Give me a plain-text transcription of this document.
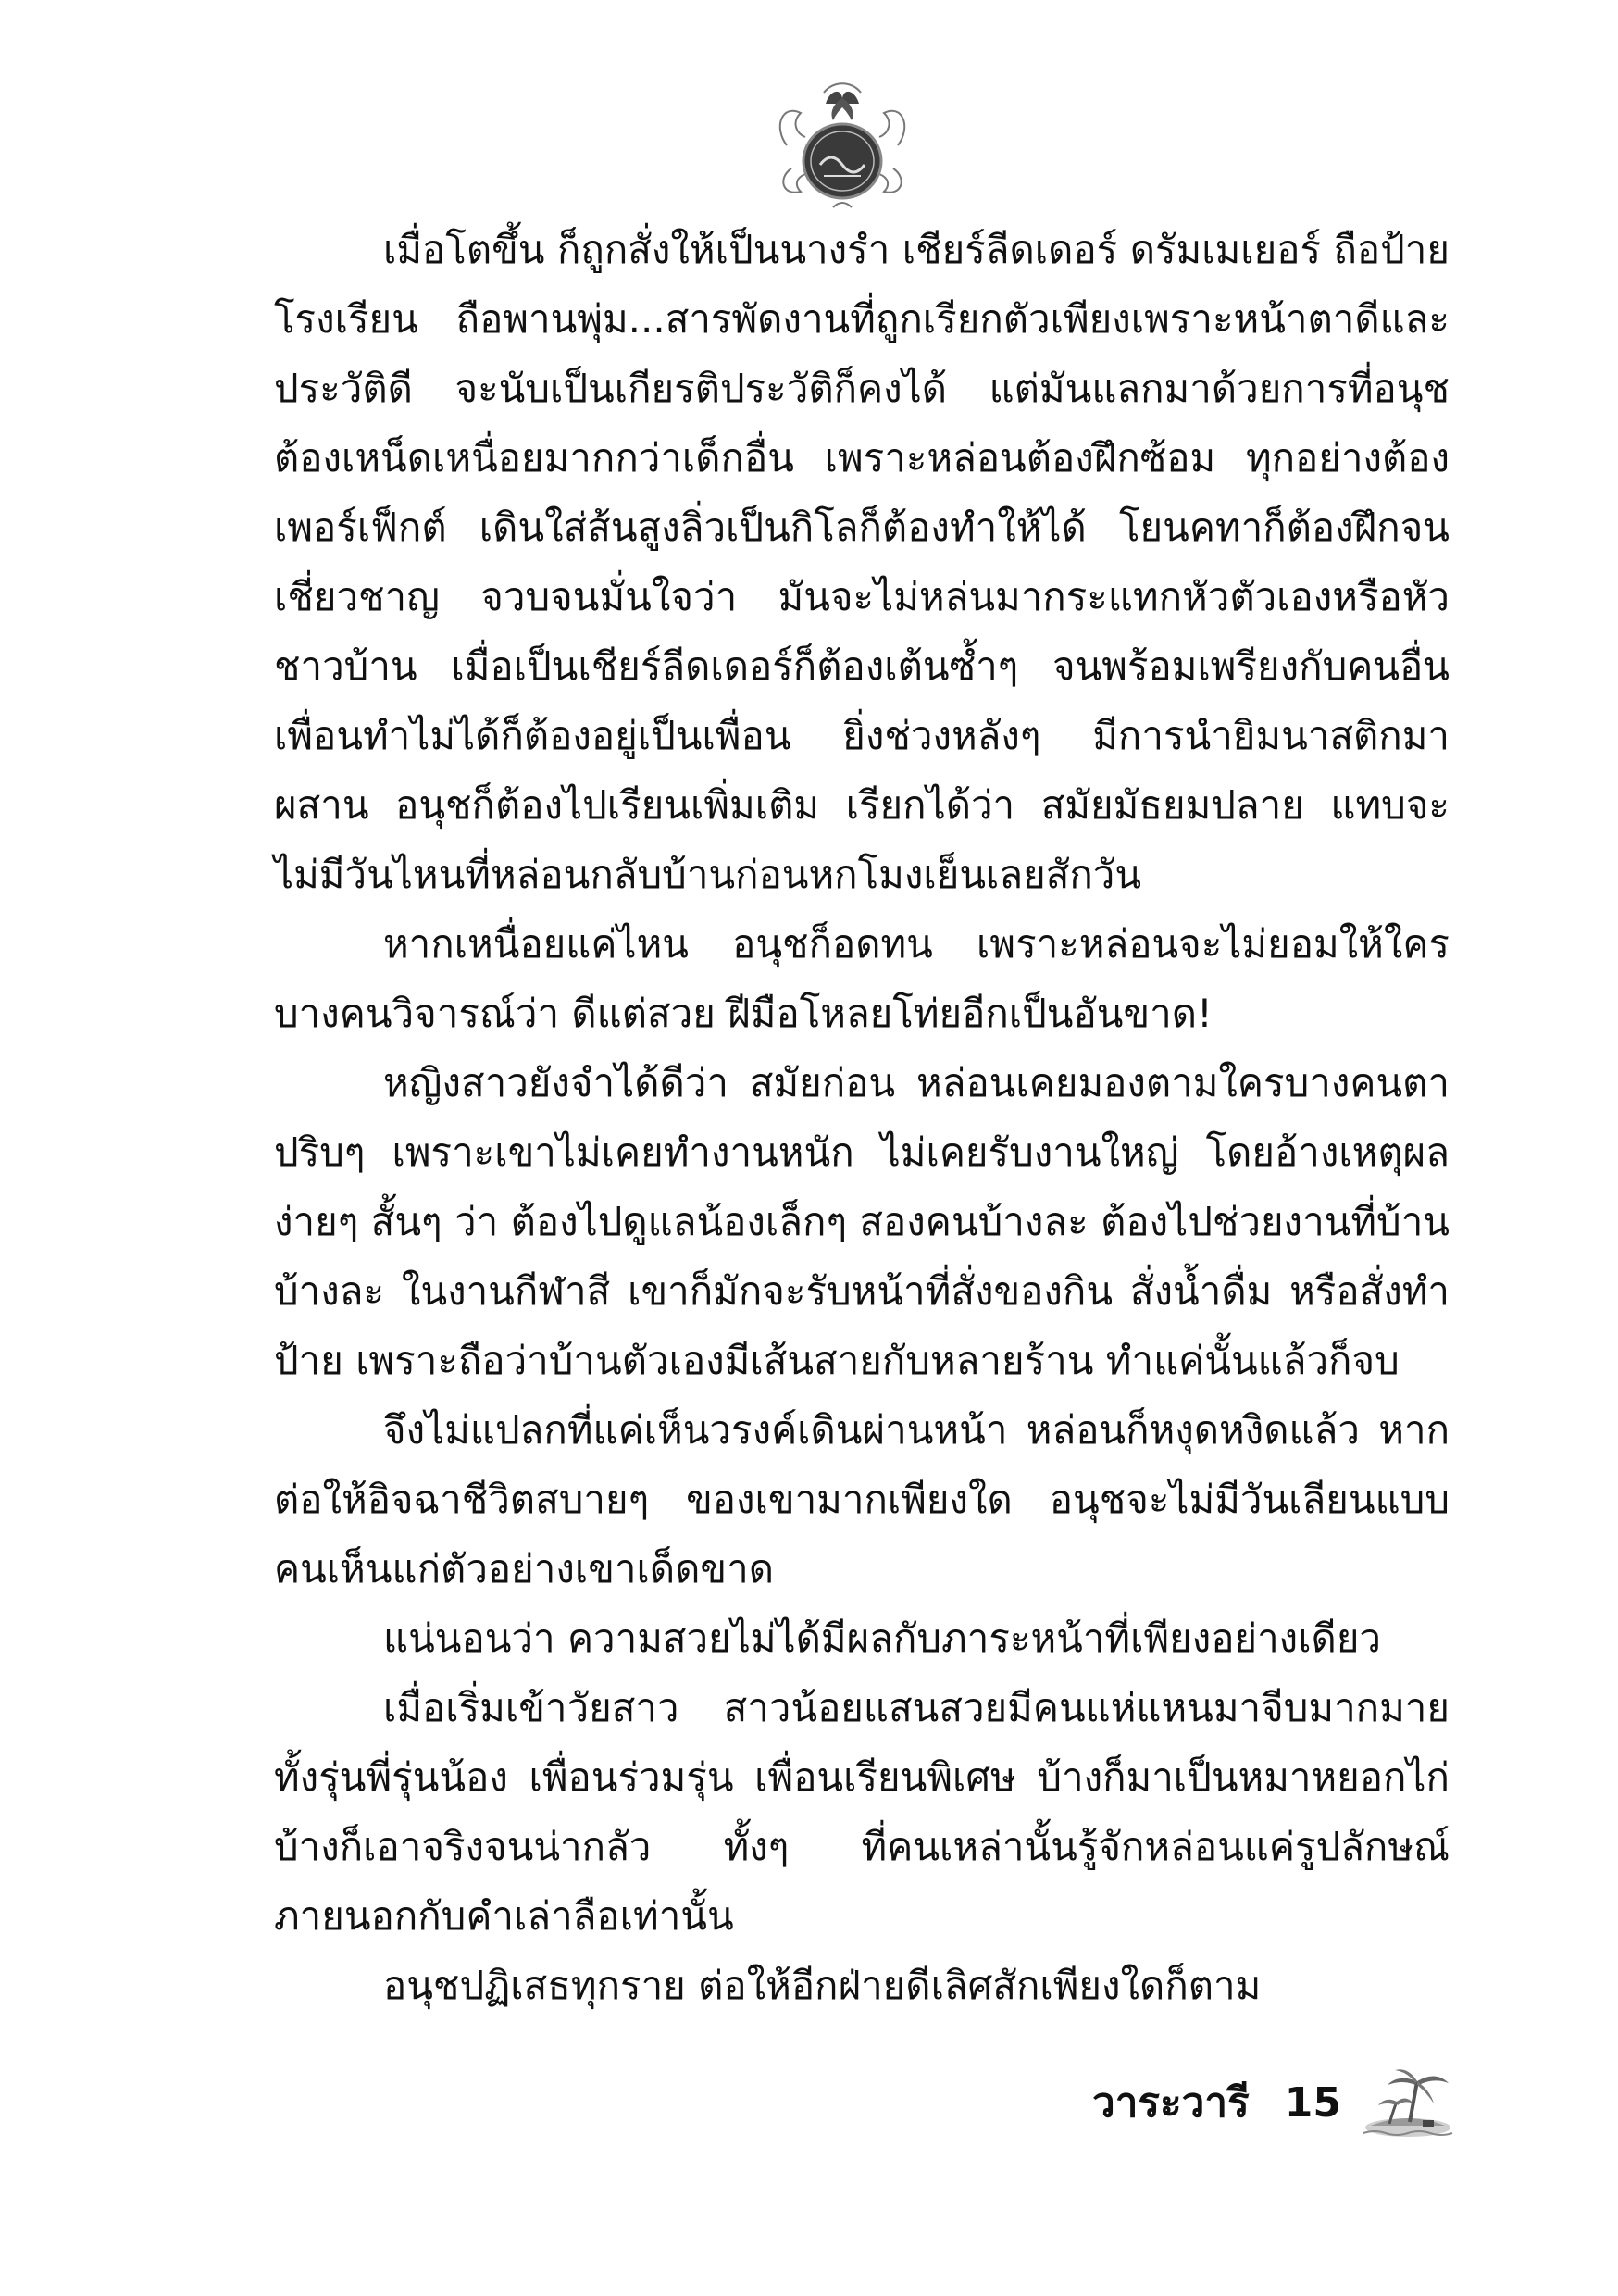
เมื่อโตขึ้น ก็ถูกสั่งให้เป็นนางรำ เชียร์ลีดเดอร์ ดรัมเมเยอร์ ถือป้ายโรงเรียน ถือพานพุ่ม...สารพัดงานที่ถูกเรียกตัวเพียงเพราะหน้าตาดีและประวัติดี จะนับเป็นเกียรติประวัติก็คงได้ แต่มันแลกมาด้วยการที่อนุชต้องเหน็ดเหนื่อยมากกว่าเด็กอื่น เพราะหล่อนต้องฝึกซ้อม ทุกอย่างต้องเพอร์เฟ็กต์ เดินใส่ส้นสูงลิ่วเป็นกิโลก็ต้องทำให้ได้ โยนคทาก็ต้องฝึกจนเชี่ยวชาญ จวบจนมั่นใจว่า มันจะไม่หล่นมากระแทกหัวตัวเองหรือหัวชาวบ้าน เมื่อเป็นเชียร์ลีดเดอร์ก็ต้องเต้นซ้ำๆ จนพร้อมเพรียงกับคนอื่น เพื่อนทำไม่ได้ก็ต้องอยู่เป็นเพื่อน ยิ่งช่วงหลังๆ มีการนำยิมนาสติกมาผสาน อนุชก็ต้องไปเรียนเพิ่มเติม เรียกได้ว่า สมัยมัธยมปลาย แทบจะไม่มีวันไหนที่หล่อนกลับบ้านก่อนหกโมงเย็นเลยสักวัน

หากเหนื่อยแค่ไหน อนุชก็อดทน เพราะหล่อนจะไม่ยอมให้ใครบางคนวิจารณ์ว่า ดีแต่สวย ฝีมือโหลยโท่ยอีกเป็นอันขาด!

หญิงสาวยังจำได้ดีว่า สมัยก่อน หล่อนเคยมองตามใครบางคนตาปริบๆ เพราะเขาไม่เคยทำงานหนัก ไม่เคยรับงานใหญ่ โดยอ้างเหตุผลง่ายๆ สั้นๆ ว่า ต้องไปดูแลน้องเล็กๆ สองคนบ้างละ ต้องไปช่วยงานที่บ้านบ้างละ ในงานกีฬาสี เขาก็มักจะรับหน้าที่สั่งของกิน สั่งน้ำดื่ม หรือสั่งทำป้าย เพราะถือว่าบ้านตัวเองมีเส้นสายกับหลายร้าน ทำแค่นั้นแล้วก็จบ

จึงไม่แปลกที่แค่เห็นวรงค์เดินผ่านหน้า หล่อนก็หงุดหงิดแล้ว หากต่อให้อิจฉาชีวิตสบายๆ ของเขามากเพียงใด อนุชจะไม่มีวันเลียนแบบคนเห็นแก่ตัวอย่างเขาเด็ดขาด

แน่นอนว่า ความสวยไม่ได้มีผลกับภาระหน้าที่เพียงอย่างเดียว

เมื่อเริ่มเข้าวัยสาว สาวน้อยแสนสวยมีคนแห่แหนมาจีบมากมายทั้งรุ่นพี่รุ่นน้อง เพื่อนร่วมรุ่น เพื่อนเรียนพิเศษ บ้างก็มาเป็นหมาหยอกไก่ บ้างก็เอาจริงจนน่ากลัว ทั้งๆ ที่คนเหล่านั้นรู้จักหล่อนแค่รูปลักษณ์ภายนอกกับคำเล่าลือเท่านั้น

อนุชปฏิเสธทุกราย ต่อให้อีกฝ่ายดีเลิศสักเพียงใดก็ตาม

วาระวารี 15
